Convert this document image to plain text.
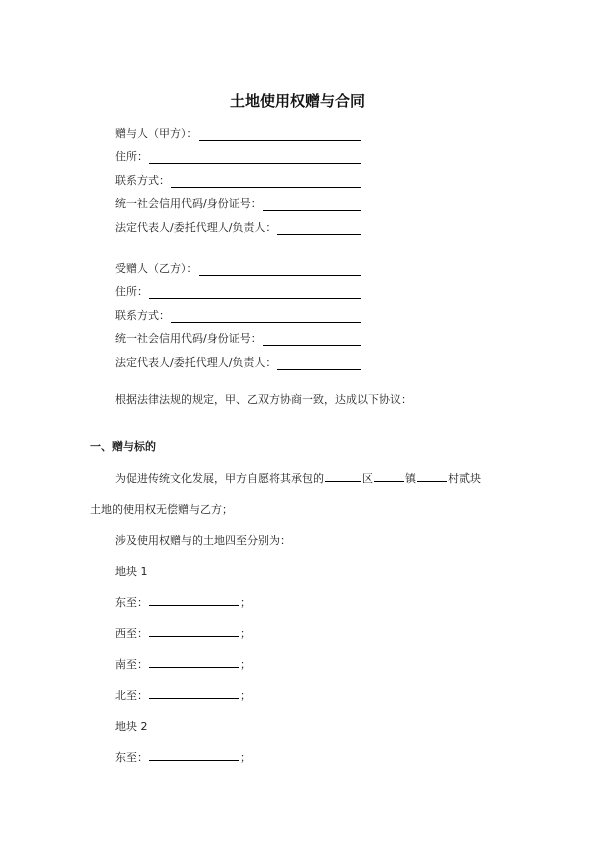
土地使用权赠与合同
赠与人（甲方）：
住所：
联系方式：
统一社会信用代码/身份证号：
法定代表人/委托代理人/负责人：
受赠人（乙方）：
住所：
联系方式：
统一社会信用代码/身份证号：
法定代表人/委托代理人/负责人：
根据法律法规的规定，甲、乙双方协商一致，达成以下协议：
一、赠与标的
为促进传统文化发展，甲方自愿将其承包的	区	镇	村贰块
土地的使用权无偿赠与乙方；
涉及使用权赠与的土地四至分别为：
地块 1
东至：	；
西至：	；
南至：	；
北至：	；
地块 2
东至：	；
